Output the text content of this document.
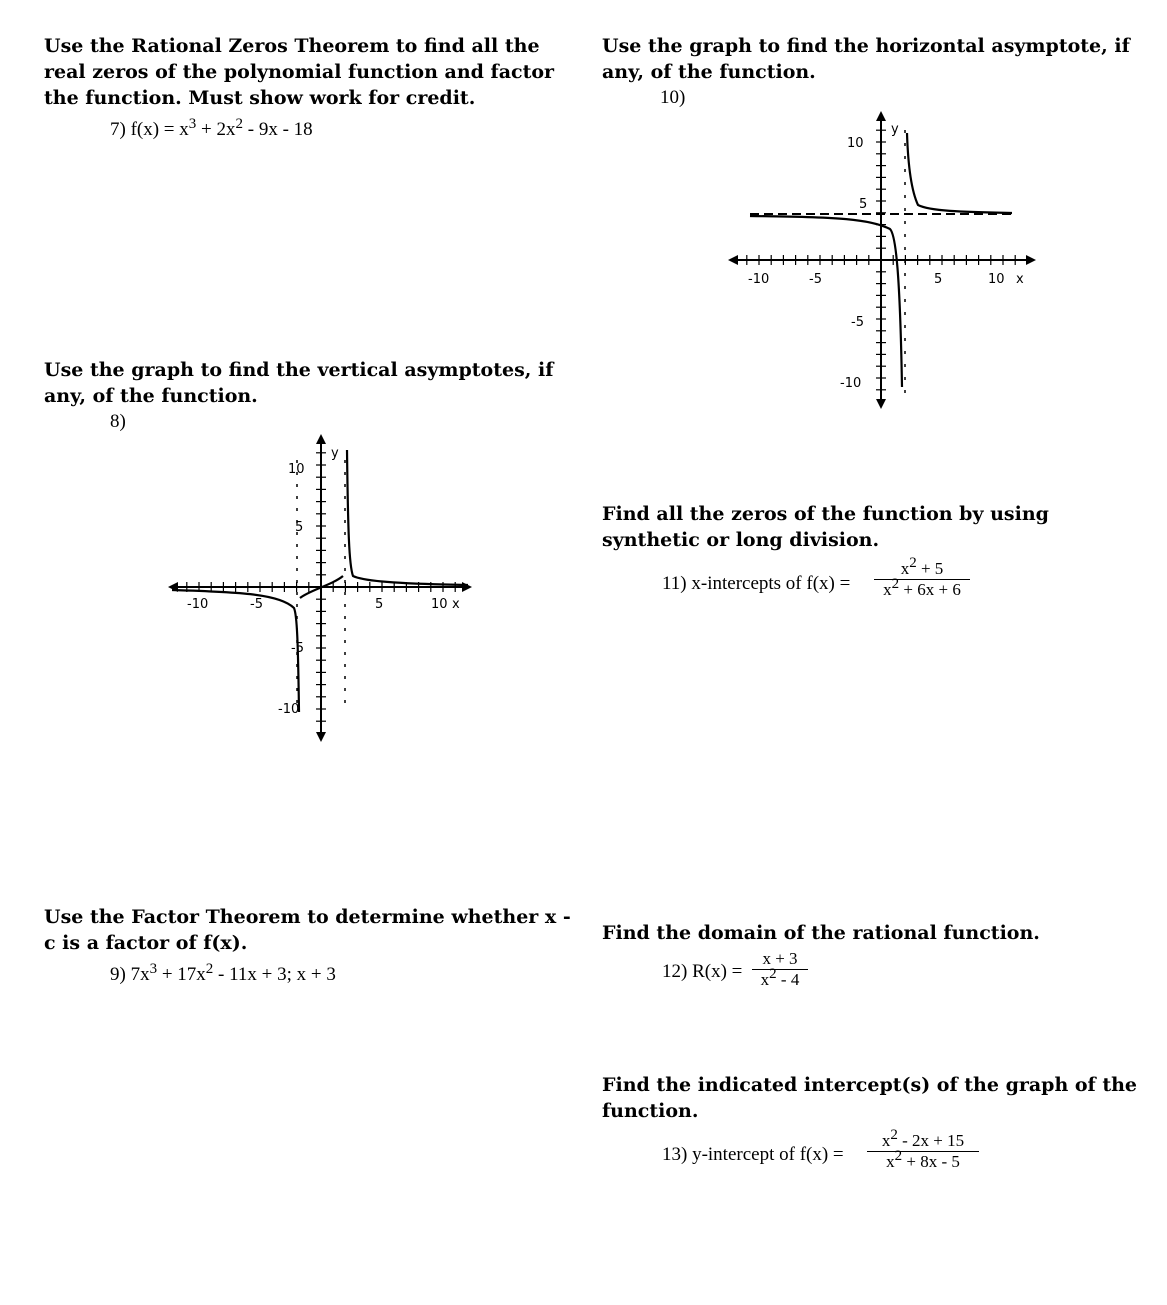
Use the Rational Zeros Theorem to find all the real zeros of the polynomial function and factor the function. Must show work for credit.
7) $f(x) = x^3 + 2x^2 - 9x - 18$
Use the graph to find the vertical asymptotes, if any, of the function.
8)
-10	-5	5	10 x
10
5
-5
-10
y
Use the Factor Theorem to determine whether x - c is a factor of f(x).
9) $7x^3 + 17x^2 - 11x + 3$; x + 3
Use the graph to find the horizontal asymptote, if any, of the function.
10)
-10	-5	5	10 x
10
5
-5
-10
y
Find all the zeros of the function by using synthetic or long division.
11) x-intercepts of $f(x) = \frac{x^2 + 5}{x^2 + 6x + 6}$
Find the domain of the rational function.
12) $R(x) = \frac{x + 3}{x^2 - 4}$
Find the indicated intercept(s) of the graph of the function.
13) y-intercept of $f(x) = \frac{x^2 - 2x + 15}{x^2 + 8x - 5}$
